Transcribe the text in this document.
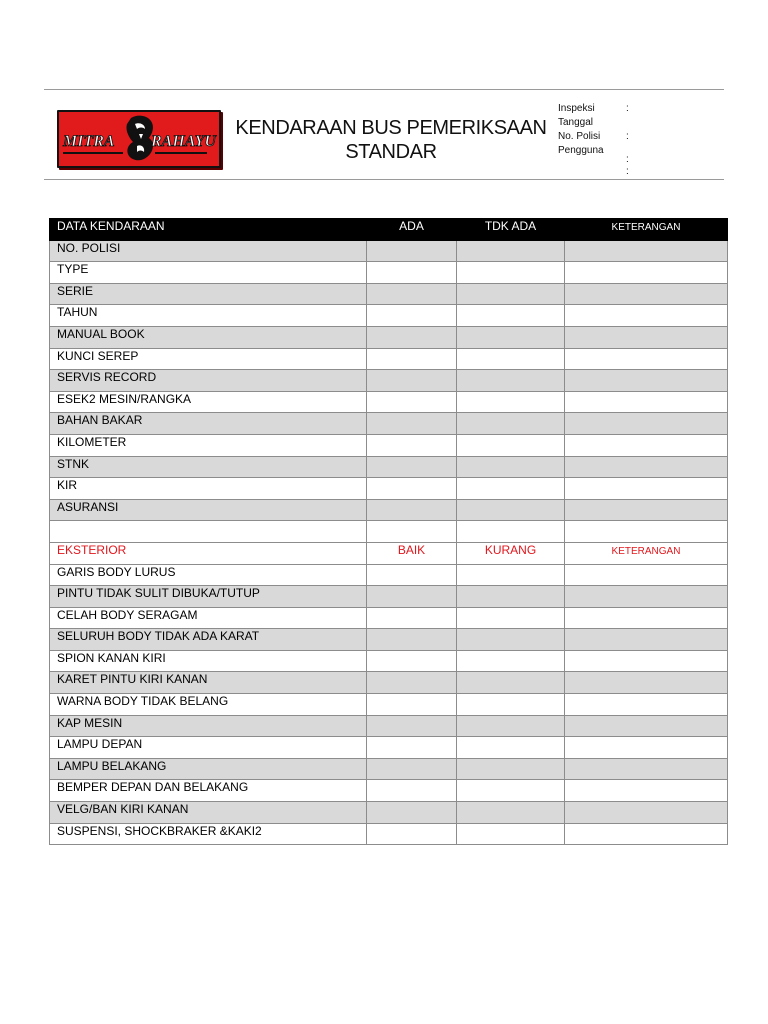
MITRA RAHAYU
KENDARAAN BUS PEMERIKSAAN
STANDAR
Inspeksi	:
Tanggal
No. Polisi	:
Pengguna
:
:
DATA KENDARAAN	ADA	TDK ADA	KETERANGAN
NO. POLISI			
TYPE			
SERIE			
TAHUN			
MANUAL BOOK			
KUNCI SEREP			
SERVIS RECORD			
ESEK2 MESIN/RANGKA			
BAHAN BAKAR			
KILOMETER			
STNK			
KIR			
ASURANSI			

EKSTERIOR	BAIK	KURANG	KETERANGAN
GARIS BODY LURUS			
PINTU TIDAK SULIT DIBUKA/TUTUP			
CELAH BODY SERAGAM			
SELURUH BODY TIDAK ADA KARAT			
SPION KANAN KIRI			
KARET PINTU KIRI KANAN			
WARNA BODY TIDAK BELANG			
KAP MESIN			
LAMPU DEPAN			
LAMPU BELAKANG			
BEMPER DEPAN DAN BELAKANG			
VELG/BAN KIRI KANAN			
SUSPENSI, SHOCKBRAKER &KAKI2			
